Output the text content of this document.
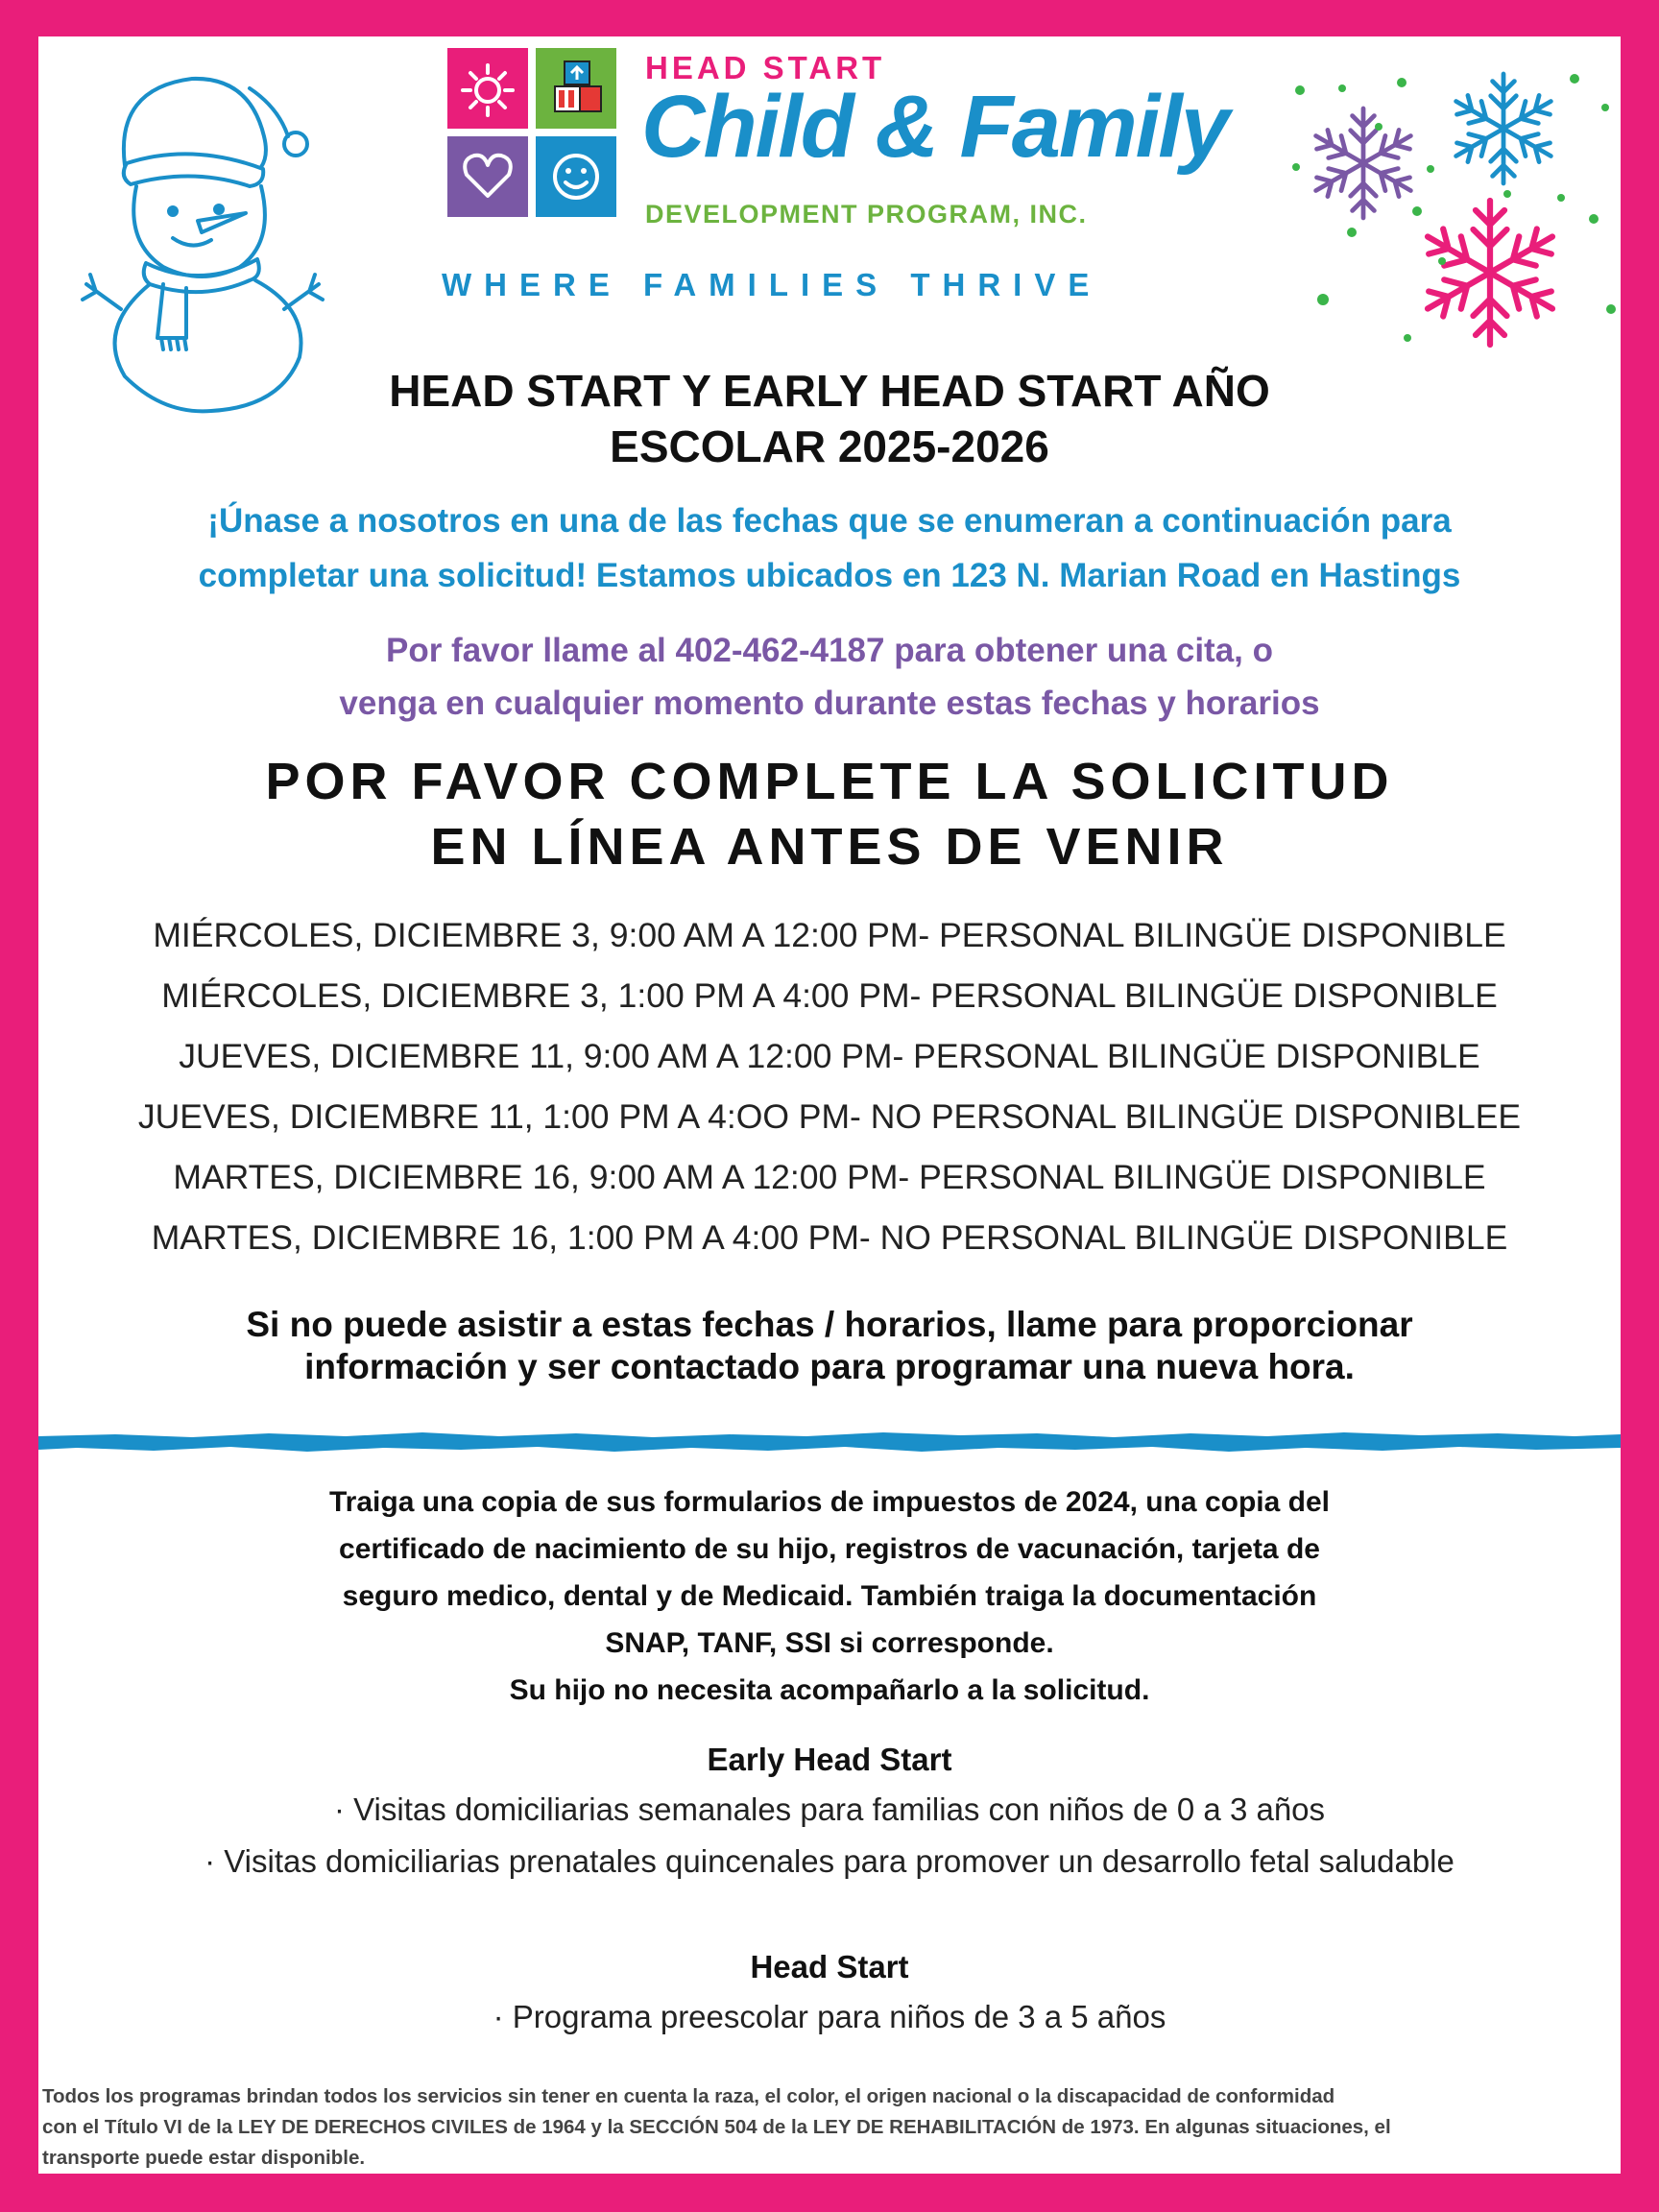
HEAD START
Child & Family
DEVELOPMENT PROGRAM, INC.
WHERE FAMILIES THRIVE
HEAD START Y EARLY HEAD START AÑO
ESCOLAR 2025-2026
¡Únase a nosotros en una de las fechas que se enumeran a continuación para
completar una solicitud! Estamos ubicados en 123 N. Marian Road en Hastings
Por favor llame al 402-462-4187 para obtener una cita, o
venga en cualquier momento durante estas fechas y horarios
POR FAVOR COMPLETE LA SOLICITUD
EN LÍNEA ANTES DE VENIR
MIÉRCOLES, DICIEMBRE 3, 9:00 AM A 12:00 PM- PERSONAL BILINGÜE DISPONIBLE
MIÉRCOLES, DICIEMBRE 3, 1:00 PM A 4:00 PM- PERSONAL BILINGÜE DISPONIBLE
JUEVES, DICIEMBRE 11, 9:00 AM A 12:00 PM- PERSONAL BILINGÜE DISPONIBLE
JUEVES, DICIEMBRE 11, 1:00 PM A 4:OO PM- NO PERSONAL BILINGÜE DISPONIBLEE
MARTES, DICIEMBRE 16, 9:00 AM A 12:00 PM- PERSONAL BILINGÜE DISPONIBLE
MARTES, DICIEMBRE 16, 1:00 PM A 4:00 PM- NO PERSONAL BILINGÜE DISPONIBLE
Si no puede asistir a estas fechas / horarios, llame para proporcionar
información y ser contactado para programar una nueva hora.
Traiga una copia de sus formularios de impuestos de 2024, una copia del
certificado de nacimiento de su hijo, registros de vacunación, tarjeta de
seguro medico, dental y de Medicaid. También traiga la documentación
SNAP, TANF, SSI si corresponde.
Su hijo no necesita acompañarlo a la solicitud.
Early Head Start
· Visitas domiciliarias semanales para familias con niños de 0 a 3 años
· Visitas domiciliarias prenatales quincenales para promover un desarrollo fetal saludable
Head Start
· Programa preescolar para niños de 3 a 5 años
Todos los programas brindan todos los servicios sin tener en cuenta la raza, el color, el origen nacional o la discapacidad de conformidad
con el Título VI de la LEY DE DERECHOS CIVILES de 1964 y la SECCIÓN 504 de la LEY DE REHABILITACIÓN de 1973. En algunas situaciones, el
transporte puede estar disponible.
